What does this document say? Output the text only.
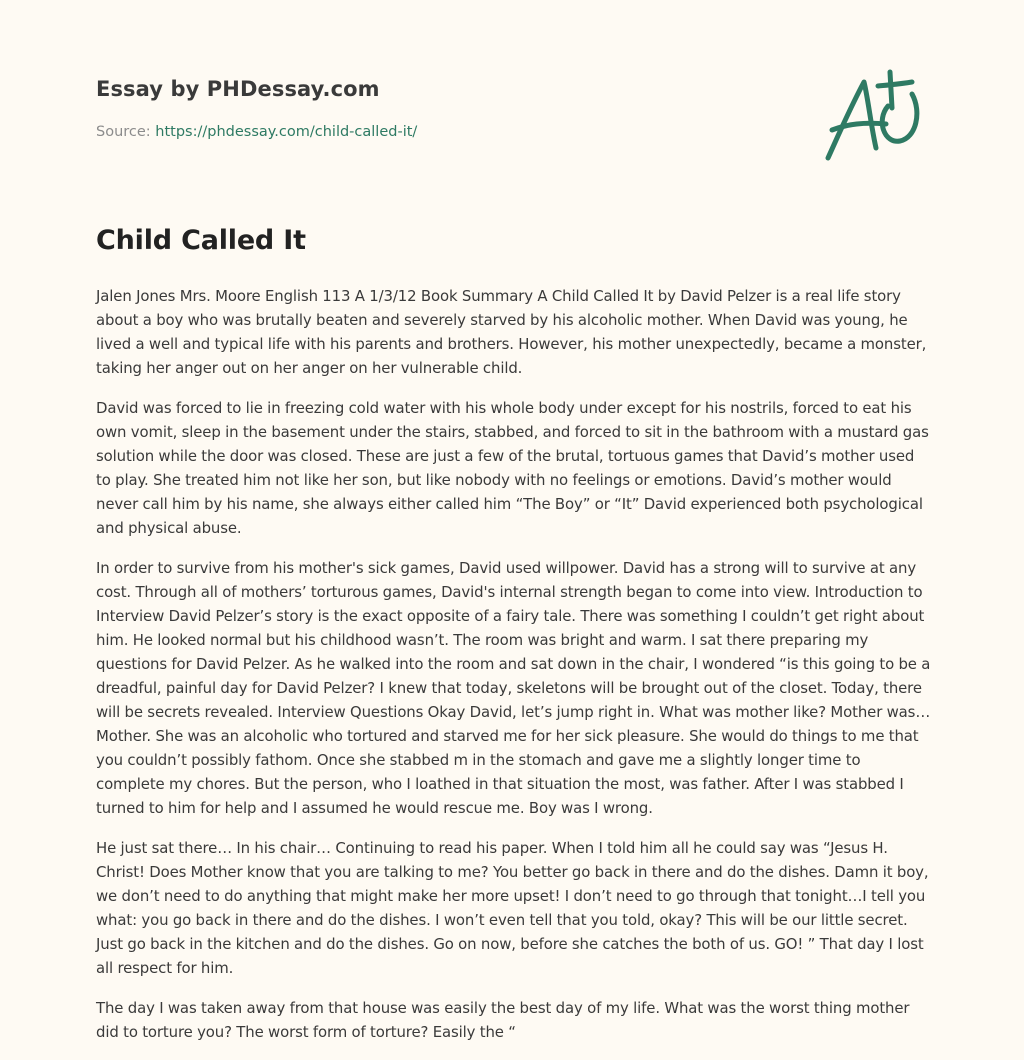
Essay by PHDessay.com

Source: https://phdessay.com/child-called-it/

Child Called It

Jalen Jones Mrs. Moore English 113 A 1/3/12 Book Summary A Child Called It by David Pelzer is a real life story about a boy who was brutally beaten and severely starved by his alcoholic mother. When David was young, he lived a well and typical life with his parents and brothers. However, his mother unexpectedly, became a monster, taking her anger out on her anger on her vulnerable child.

David was forced to lie in freezing cold water with his whole body under except for his nostrils, forced to eat his own vomit, sleep in the basement under the stairs, stabbed, and forced to sit in the bathroom with a mustard gas solution while the door was closed. These are just a few of the brutal, tortuous games that David’s mother used to play. She treated him not like her son, but like nobody with no feelings or emotions. David’s mother would never call him by his name, she always either called him “The Boy” or “It” David experienced both psychological and physical abuse.

In order to survive from his mother's sick games, David used willpower. David has a strong will to survive at any cost. Through all of mothers’ torturous games, David's internal strength began to come into view. Introduction to Interview David Pelzer’s story is the exact opposite of a fairy tale. There was something I couldn’t get right about him. He looked normal but his childhood wasn’t. The room was bright and warm. I sat there preparing my questions for David Pelzer. As he walked into the room and sat down in the chair, I wondered “is this going to be a dreadful, painful day for David Pelzer? I knew that today, skeletons will be brought out of the closet. Today, there will be secrets revealed. Interview Questions Okay David, let’s jump right in. What was mother like? Mother was… Mother. She was an alcoholic who tortured and starved me for her sick pleasure. She would do things to me that you couldn’t possibly fathom. Once she stabbed m in the stomach and gave me a slightly longer time to complete my chores. But the person, who I loathed in that situation the most, was father. After I was stabbed I turned to him for help and I assumed he would rescue me. Boy was I wrong.

He just sat there… In his chair… Continuing to read his paper. When I told him all he could say was “Jesus H. Christ! Does Mother know that you are talking to me? You better go back in there and do the dishes. Damn it boy, we don’t need to do anything that might make her more upset! I don’t need to go through that tonight…I tell you what: you go back in there and do the dishes. I won’t even tell that you told, okay? This will be our little secret. Just go back in the kitchen and do the dishes. Go on now, before she catches the both of us. GO! ” That day I lost all respect for him.

The day I was taken away from that house was easily the best day of my life. What was the worst thing mother did to torture you? The worst form of torture? Easily the “
